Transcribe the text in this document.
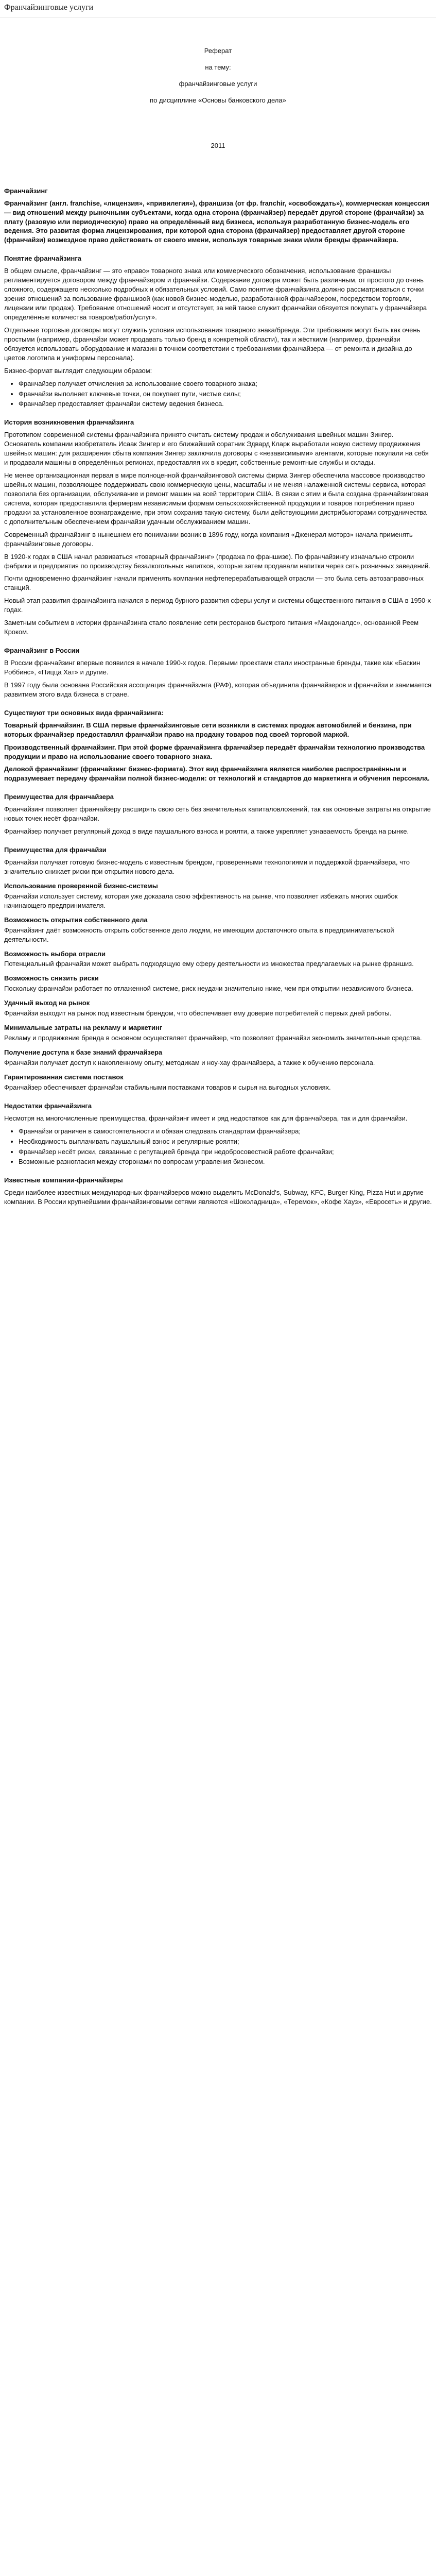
Франчайзинговые услуги
Реферат
на тему:
франчайзинговые услуги
по дисциплине «Основы банковского дела»
2011
Франчайзинг

Франчайзинг (англ. franchise, «лицензия», «привилегия»), франшиза (от фр. franchir, «освобождать»), коммерческая концессия — вид отношений между рыночными субъектами, когда одна сторона (франчайзер) передаёт другой стороне (франчайзи) за плату (разовую или периодическую) право на определённый вид бизнеса, используя разработанную бизнес-модель его ведения. Это развитая форма лицензирования, при которой одна сторона (франчайзер) предоставляет другой стороне (франчайзи) возмездное право действовать от своего имени, используя товарные знаки и/или бренды франчайзера.

Понятие франчайзинга

В общем смысле, франчайзинг — это «право» товарного знака или коммерческого обозначения, использование франшизы регламентируется договором между франчайзером и франчайзи. Содержание договора может быть различным, от простого до очень сложного, содержащего несколько подробных и обязательных условий. Само понятие франчайзинга должно рассматриваться с точки зрения отношений за пользование франшизой (как новой бизнес-моделью, разработанной франчайзером, посредством торговли, лицензии или продаж). Требование отношений носит и отсутствует, за ней также служит франчайзи обязуется покупать у франчайзера определённые количества товаров/работ/услуг».

Отдельные торговые договоры могут служить условия использования товарного знака/бренда. Эти требования могут быть как очень простыми (например, франчайзи может продавать только бренд в конкретной области), так и жёсткими (например, франчайзи обязуется использовать оборудование и магазин в точном соответствии с требованиями франчайзера — от ремонта и дизайна до цветов логотипа и униформы персонала).

Бизнес-формат выглядит следующим образом:

• Франчайзер получает отчисления за использование своего товарного знака;
• Франчайзи выполняет ключевые точки, он покупает пути, чистые силы;
• Франчайзер предоставляет франчайзи систему ведения бизнеса.
История возникновения франчайзинга

Прототипом современной системы франчайзинга принято считать систему продаж и обслуживания швейных машин Зингер. Основатель компании изобретатель Исаак Зингер и его ближайший соратник Эдвард Кларк выработали новую систему продвижения швейных машин: для расширения сбыта компания Зингер заключила договоры с «независимыми» агентами, которые покупали на себя и продавали машины в определённых регионах, предоставляя их в кредит, собственные ремонтные службы и склады.

Не менее организационная первая в мире полноценной франчайзинговой системы фирма Зингер обеспечила массовое производство швейных машин, позволяющее поддерживать свою коммерческую цены, масштабы и не меняя налаженной системы сервиса, которая позволила без организации, обслуживание и ремонт машин на всей территории США. В связи с этим и была создана франчайзинговая система, которая предоставляла фермерам независимым формам сельскохозяйственной продукции и товаров потребления право продажи за установленное вознаграждение, при этом сохранив такую систему, были действующими дистрибьюторами сотрудничества с дополнительным обеспечением франчайзи удачным обслуживанием машин.

Современный франчайзинг в нынешнем его понимании возник в 1896 году, когда компания «Дженерал моторз» начала применять франчайзинговые договоры.

В 1920-х годах в США начал развиваться «товарный франчайзинг» (продажа по франшизе). По франчайзингу изначально строили фабрики и предприятия по производству безалкогольных напитков, которые затем продавали напитки через сеть розничных заведений.

Почти одновременно франчайзинг начали применять компании нефтеперерабатывающей отрасли — это была сеть автозаправочных станций.

Новый этап развития франчайзинга начался в период бурного развития сферы услуг и системы общественного питания в США в 1950-х годах.

Заметным событием в истории франчайзинга стало появление сети ресторанов быстрого питания «Макдоналдс», основанной Реем Кроком.

Франчайзинг в России

В России франчайзинг впервые появился в начале 1990-х годов. Первыми проектами стали иностранные бренды, такие как «Баскин Роббинс», «Пицца Хат» и другие.

В 1997 году была основана Российская ассоциация франчайзинга (РАФ), которая объединила франчайзеров и франчайзи и занимается развитием этого вида бизнеса в стране.

Существуют три основных вида франчайзинга:

Товарный франчайзинг. В США первые франчайзинговые сети возникли в системах продаж автомобилей и бензина, при которых франчайзер предоставлял франчайзи право на продажу товаров под своей торговой маркой.

Производственный франчайзинг. При этой форме франчайзинга франчайзер передаёт франчайзи технологию производства продукции и право на использование своего товарного знака.

Деловой франчайзинг (франчайзинг бизнес-формата). Этот вид франчайзинга является наиболее распространённым и подразумевает передачу франчайзи полной бизнес-модели: от технологий и стандартов до маркетинга и обучения персонала.

Преимущества для франчайзера

Франчайзинг позволяет франчайзеру расширять свою сеть без значительных капиталовложений, так как основные затраты на открытие новых точек несёт франчайзи.

Франчайзер получает регулярный доход в виде паушального взноса и роялти, а также укрепляет узнаваемость бренда на рынке.

Преимущества для франчайзи

Франчайзи получает готовую бизнес-модель с известным брендом, проверенными технологиями и поддержкой франчайзера, что значительно снижает риски при открытии нового дела.

Использование проверенной бизнес-системы

Франчайзи использует систему, которая уже доказала свою эффективность на рынке, что позволяет избежать многих ошибок начинающего предпринимателя.

Возможность открытия собственного дела

Франчайзинг даёт возможность открыть собственное дело людям, не имеющим достаточного опыта в предпринимательской деятельности.

Возможность выбора отрасли

Потенциальный франчайзи может выбрать подходящую ему сферу деятельности из множества предлагаемых на рынке франшиз.

Возможность снизить риски

Поскольку франчайзи работает по отлаженной системе, риск неудачи значительно ниже, чем при открытии независимого бизнеса.

Удачный выход на рынок

Франчайзи выходит на рынок под известным брендом, что обеспечивает ему доверие потребителей с первых дней работы.

Минимальные затраты на рекламу и маркетинг

Рекламу и продвижение бренда в основном осуществляет франчайзер, что позволяет франчайзи экономить значительные средства.

Получение доступа к базе знаний франчайзера

Франчайзи получает доступ к накопленному опыту, методикам и ноу-хау франчайзера, а также к обучению персонала.

Гарантированная система поставок

Франчайзер обеспечивает франчайзи стабильными поставками товаров и сырья на выгодных условиях.

Недостатки франчайзинга

Несмотря на многочисленные преимущества, франчайзинг имеет и ряд недостатков как для франчайзера, так и для франчайзи.

• Франчайзи ограничен в самостоятельности и обязан следовать стандартам франчайзера;
• Необходимость выплачивать паушальный взнос и регулярные роялти;
• Франчайзер несёт риски, связанные с репутацией бренда при недобросовестной работе франчайзи;
• Возможные разногласия между сторонами по вопросам управления бизнесом.
Известные компании-франчайзеры

Среди наиболее известных международных франчайзеров можно выделить McDonald's, Subway, KFC, Burger King, Pizza Hut и другие компании. В России крупнейшими франчайзинговыми сетями являются «Шоколадница», «Теремок», «Кофе Хауз», «Евросеть» и другие.
